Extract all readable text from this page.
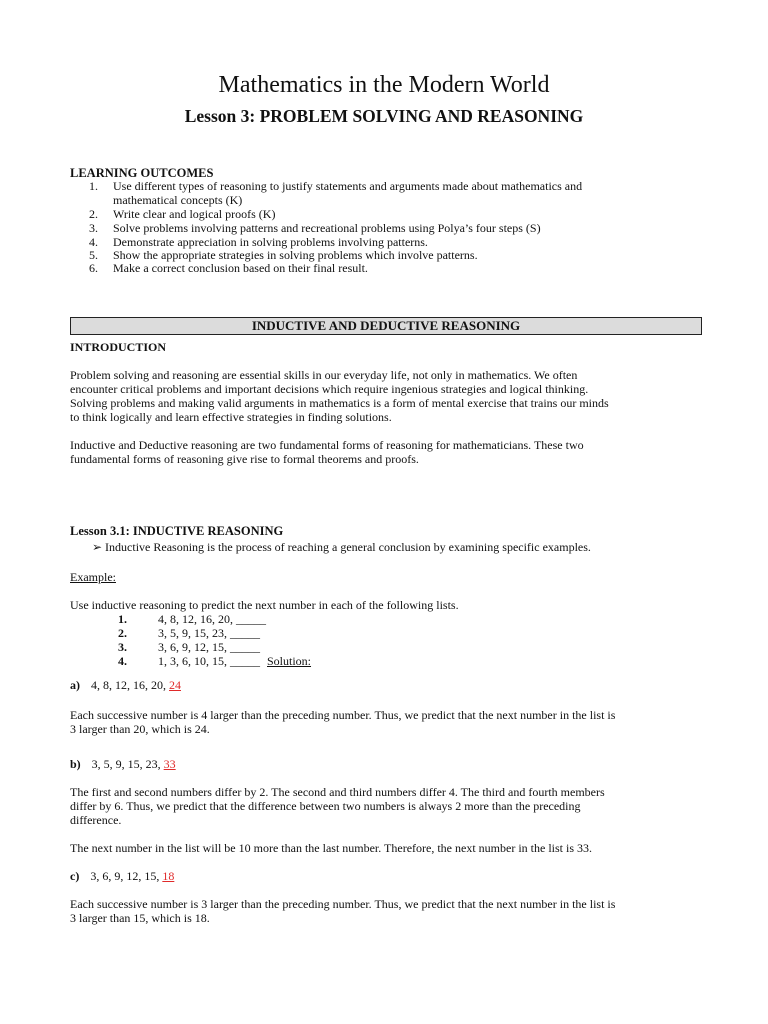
Mathematics in the Modern World
Lesson 3: PROBLEM SOLVING AND REASONING
LEARNING OUTCOMES
1. Use different types of reasoning to justify statements and arguments made about mathematics and
mathematical concepts (K)
2. Write clear and logical proofs (K)
3. Solve problems involving patterns and recreational problems using Polya’s four steps (S)
4. Demonstrate appreciation in solving problems involving patterns.
5. Show the appropriate strategies in solving problems which involve patterns.
6. Make a correct conclusion based on their final result.
INDUCTIVE AND DEDUCTIVE REASONING
INTRODUCTION
Problem solving and reasoning are essential skills in our everyday life, not only in mathematics. We often
encounter critical problems and important decisions which require ingenious strategies and logical thinking.
Solving problems and making valid arguments in mathematics is a form of mental exercise that trains our minds
to think logically and learn effective strategies in finding solutions.
Inductive and Deductive reasoning are two fundamental forms of reasoning for mathematicians. These two
fundamental forms of reasoning give rise to formal theorems and proofs.
Lesson 3.1: INDUCTIVE REASONING
➢ Inductive Reasoning is the process of reaching a general conclusion by examining specific examples.
Example:
Use inductive reasoning to predict the next number in each of the following lists.
1.	4, 8, 12, 16, 20, _____
2.	3, 5, 9, 15, 23, _____
3.	3, 6, 9, 12, 15, _____
4.	1, 3, 6, 10, 15, _____ Solution:
a) 4, 8, 12, 16, 20, 24
Each successive number is 4 larger than the preceding number. Thus, we predict that the next number in the list is
3 larger than 20, which is 24.
b) 3, 5, 9, 15, 23, 33
The first and second numbers differ by 2. The second and third numbers differ 4. The third and fourth members
differ by 6. Thus, we predict that the difference between two numbers is always 2 more than the preceding
difference.
The next number in the list will be 10 more than the last number. Therefore, the next number in the list is 33.
c) 3, 6, 9, 12, 15, 18
Each successive number is 3 larger than the preceding number. Thus, we predict that the next number in the list is
3 larger than 15, which is 18.
